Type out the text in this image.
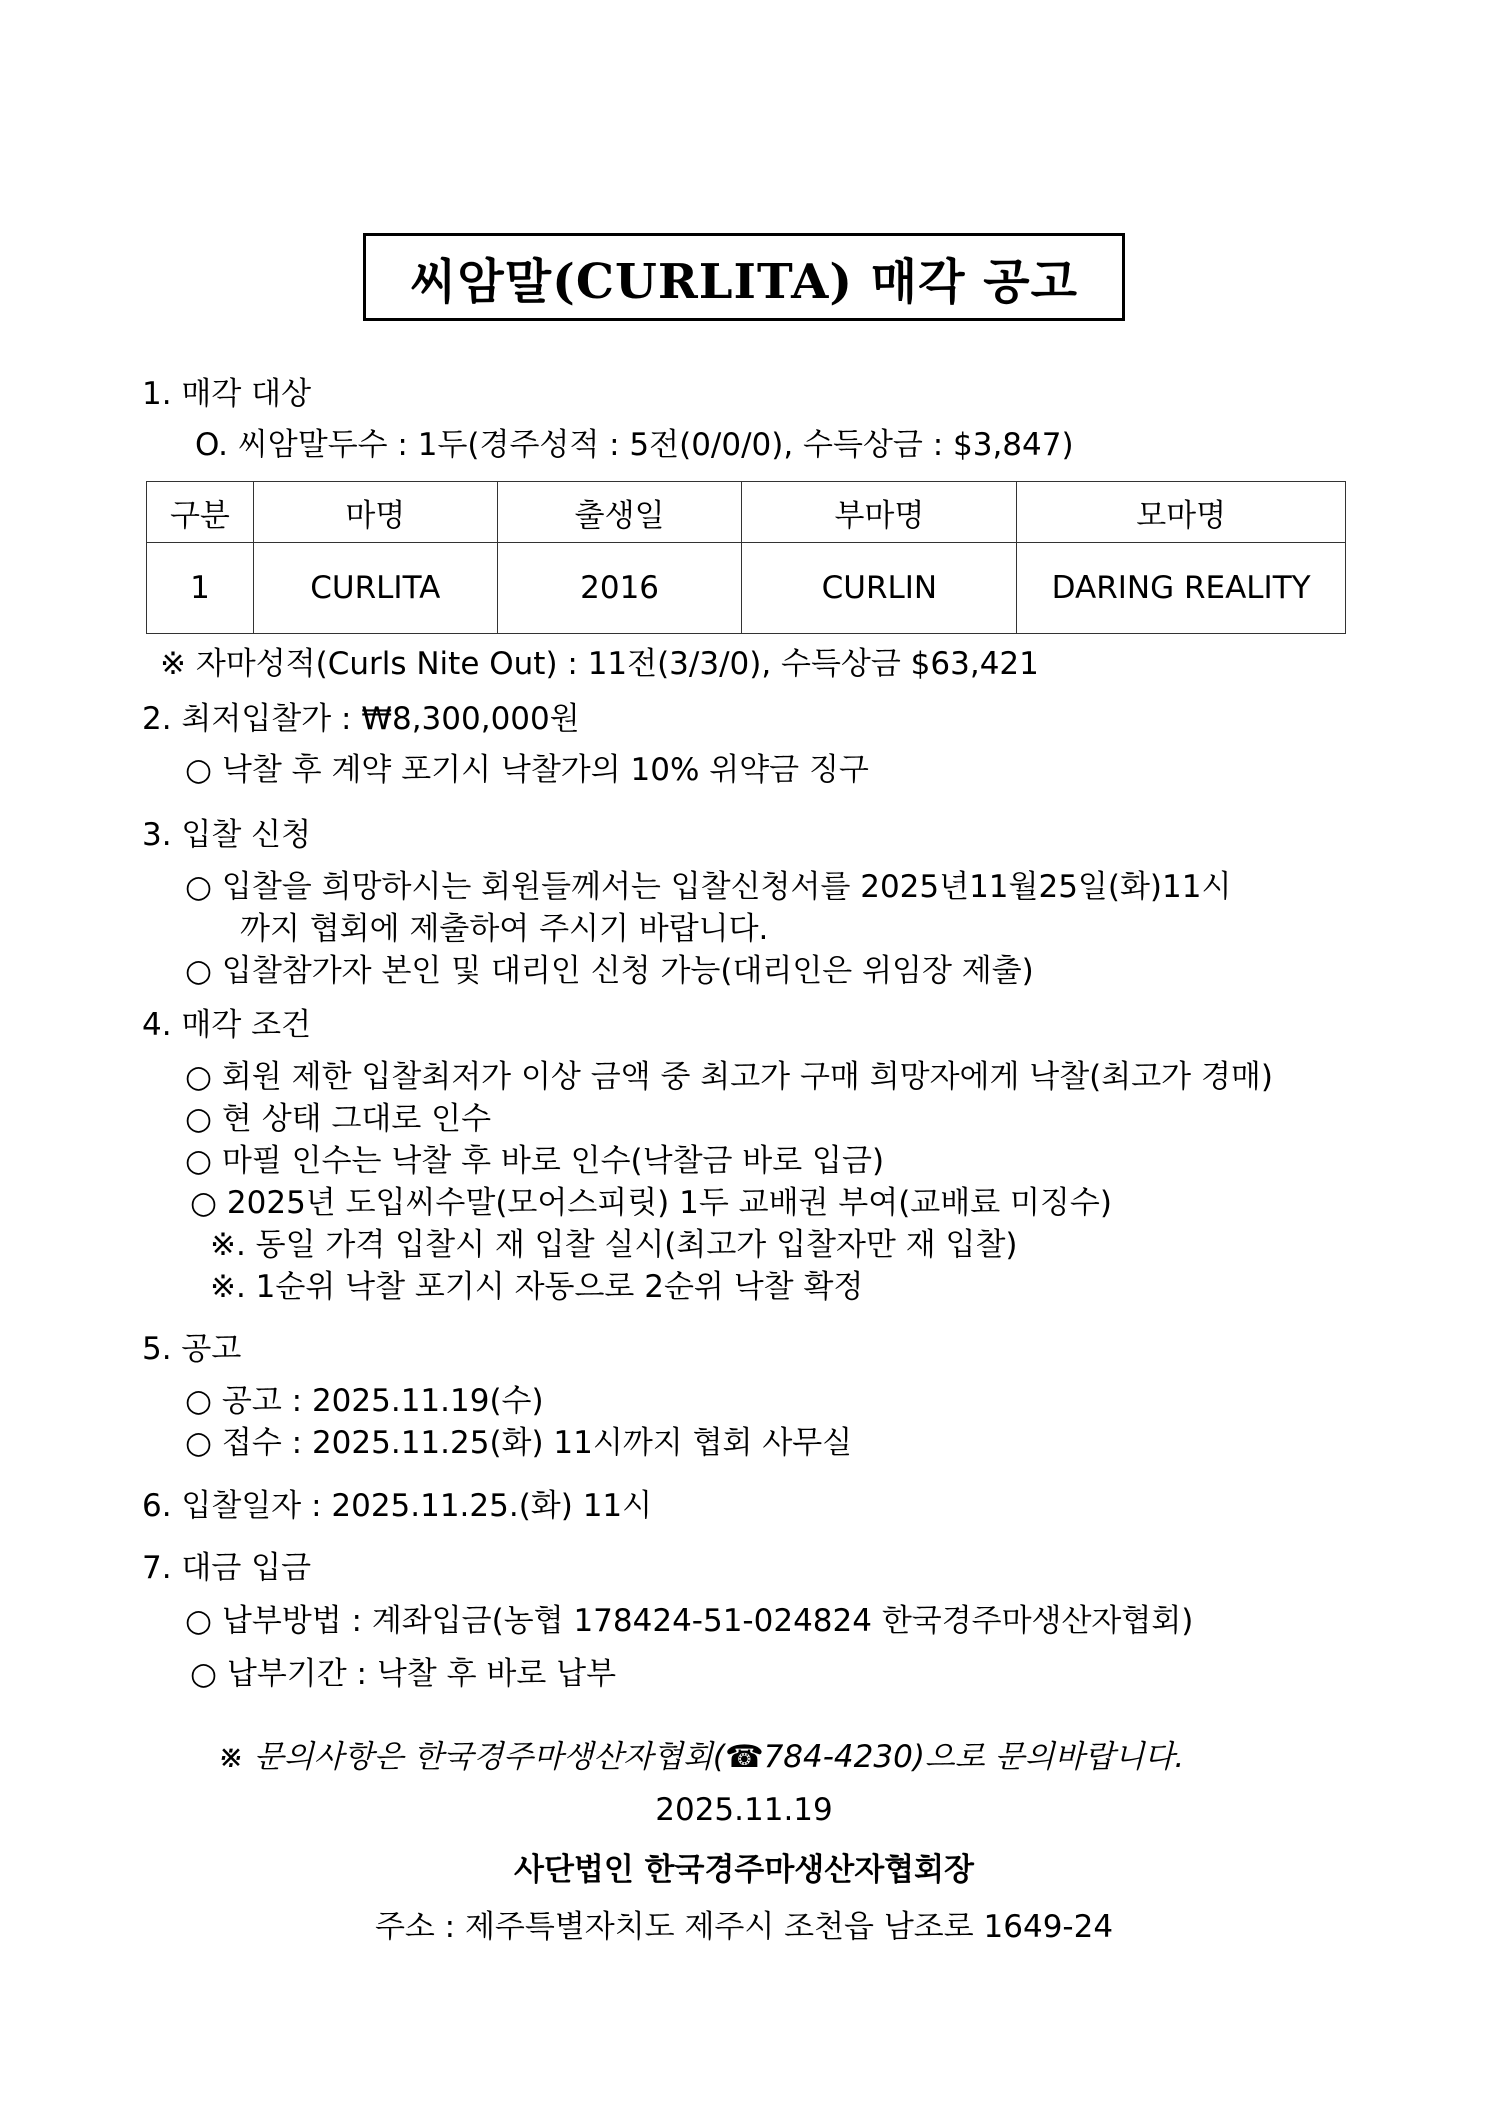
씨암말(CURLITA) 매각 공고
1. 매각 대상
O. 씨암말두수 : 1두(경주성적 : 5전(0/0/0), 수득상금 : $3,847)
구분	마명	출생일	부마명	모마명
1	CURLITA	2016	CURLIN	DARING REALITY
※ 자마성적(Curls Nite Out) : 11전(3/3/0), 수득상금 $63,421
2. 최저입찰가 : ₩8,300,000원
○ 낙찰 후 계약 포기시 낙찰가의 10% 위약금 징구
3. 입찰 신청
○ 입찰을 희망하시는 회원들께서는 입찰신청서를 2025년11월25일(화)11시
까지 협회에 제출하여 주시기 바랍니다.
○ 입찰참가자 본인 및 대리인 신청 가능(대리인은 위임장 제출)
4. 매각 조건
○ 회원 제한 입찰최저가 이상 금액 중 최고가 구매 희망자에게 낙찰(최고가 경매)
○ 현 상태 그대로 인수
○ 마필 인수는 낙찰 후 바로 인수(낙찰금 바로 입금)
○ 2025년 도입씨수말(모어스피릿) 1두 교배권 부여(교배료 미징수)
※. 동일 가격 입찰시 재 입찰 실시(최고가 입찰자만 재 입찰)
※. 1순위 낙찰 포기시 자동으로 2순위 낙찰 확정
5. 공고
○ 공고 : 2025.11.19(수)
○ 접수 : 2025.11.25(화) 11시까지 협회 사무실
6. 입찰일자 : 2025.11.25.(화) 11시
7. 대금 입금
○ 납부방법 : 계좌입금(농협 178424-51-024824 한국경주마생산자협회)
○ 납부기간 : 낙찰 후 바로 납부
※ 문의사항은 한국경주마생산자협회(☎784-4230)으로 문의바랍니다.
2025.11.19
사단법인 한국경주마생산자협회장
주소 : 제주특별자치도 제주시 조천읍 남조로 1649-24
